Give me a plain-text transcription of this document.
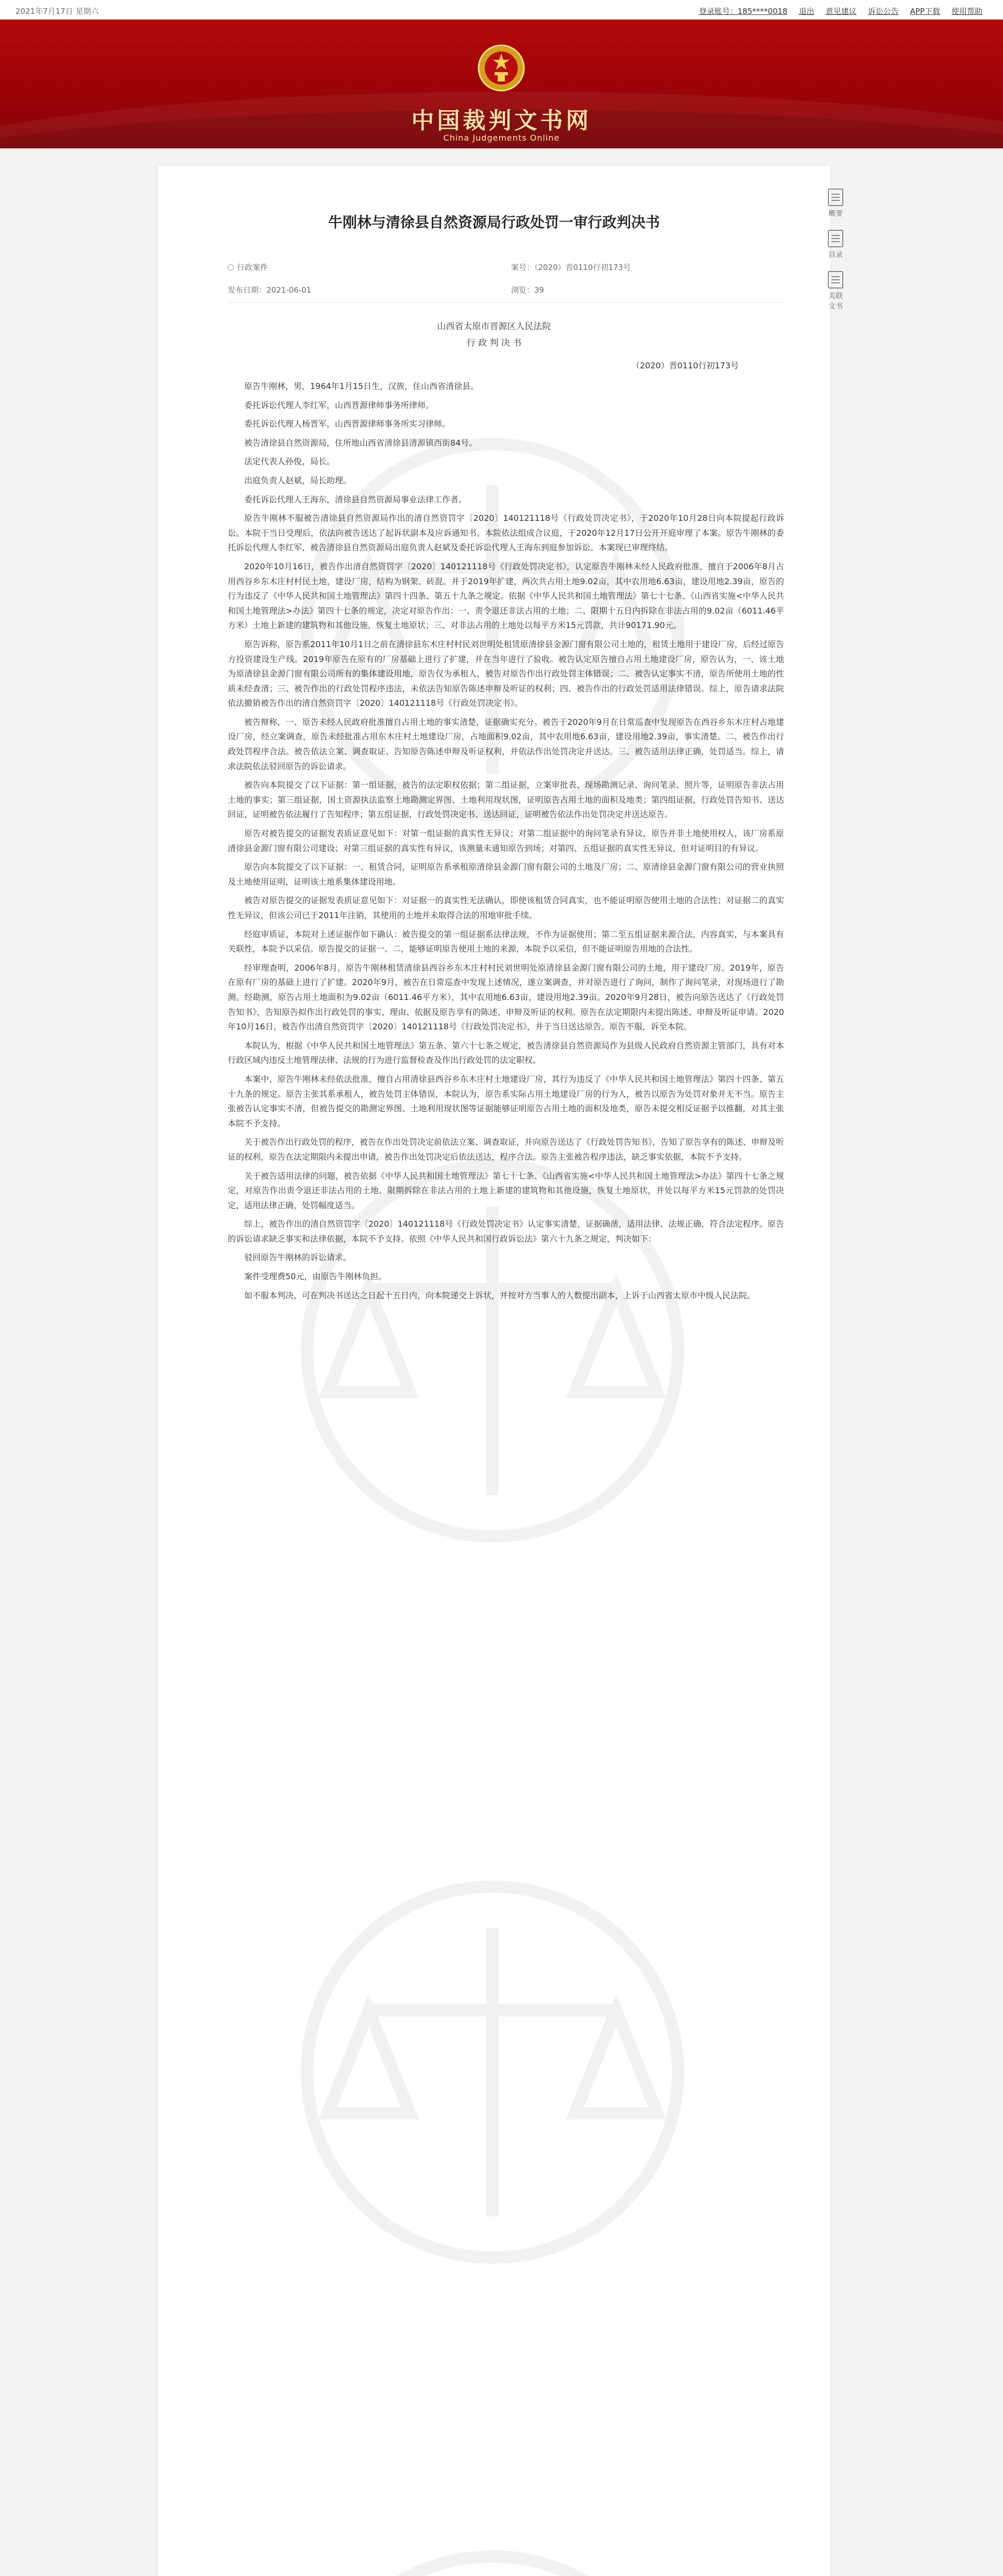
2021年7月17日 星期六	登录账号：185****0018 退出 意见建议 诉讼公告 APP下载 使用帮助
中国裁判文书网
China Judgements Online
牛刚林与清徐县自然资源局行政处罚一审行政判决书
行政案件
发布日期：2021-06-01	浏览：39
案号：（2020）晋0110行初173号
山西省太原市晋源区人民法院
行 政 判 决 书
（2020）晋0110行初173号

原告牛刚林，男，1964年1月15日生，汉族，住山西省清徐县。

委托诉讼代理人李红军，山西晋源律师事务所律师。

委托诉讼代理人杨晋军，山西晋源律师事务所实习律师。

被告清徐县自然资源局，住所地山西省清徐县清源镇西街84号。

法定代表人孙俊，局长。

出庭负责人赵斌，局长助理。

委托诉讼代理人王海东，清徐县自然资源局事业法律工作者。

原告牛刚林不服被告清徐县自然资源局作出的清自然资罚字〔2020〕140121118号《行政处罚决定书》，于2020年10月28日向本院提起行政诉讼。本院于当日受理后，依法向被告送达了起诉状副本及应诉通知书。本院依法组成合议庭，于2020年12月17日公开开庭审理了本案。原告牛刚林的委托诉讼代理人李红军，被告清徐县自然资源局出庭负责人赵斌及委托诉讼代理人王海东到庭参加诉讼。本案现已审理终结。

2020年10月16日，被告作出清自然资罚字〔2020〕140121118号《行政处罚决定书》，认定原告牛刚林未经人民政府批准，擅自于2006年8月占用西谷乡东木庄村村民土地，建设厂房，结构为钢架、砖混。并于2019年扩建，两次共占用土地9.02亩，其中农用地6.63亩，建设用地2.39亩，原告的行为违反了《中华人民共和国土地管理法》第四十四条、第五十九条之规定。依据《中华人民共和国土地管理法》第七十七条、《山西省实施<中华人民共和国土地管理法>办法》第四十七条的规定，决定对原告作出：一、责令退还非法占用的土地；二、限期十五日内拆除在非法占用的9.02亩（6011.46平方米）土地上新建的建筑物和其他设施，恢复土地原状；三、对非法占用的土地处以每平方米15元罚款，共计90171.90元。

原告诉称，原告系2011年10月1日之前在清徐县东木庄村村民刘世明处租赁原清徐县金源门窗有限公司土地的，租赁土地用于建设厂房，后经过原告方投资建设生产线。2019年原告在原有的厂房基础上进行了扩建，并在当年进行了验收。被告认定原告擅自占用土地建设厂房，原告认为，一、该土地为原清徐县金源门窗有限公司所有的集体建设用地，原告仅为承租人，被告对原告作出行政处罚主体错误；二、被告认定事实不清，原告所使用土地的性质未经查清；三、被告作出的行政处罚程序违法，未依法告知原告陈述申辩及听证的权利；四、被告作出的行政处罚适用法律错误。综上，原告请求法院依法撤销被告作出的清自然资罚字〔2020〕140121118号《行政处罚决定书》。

被告辩称，一、原告未经人民政府批准擅自占用土地的事实清楚，证据确实充分。被告于2020年9月在日常巡查中发现原告在西谷乡东木庄村占地建设厂房，经立案调查，原告未经批准占用东木庄村土地建设厂房，占地面积9.02亩，其中农用地6.63亩，建设用地2.39亩，事实清楚。二、被告作出行政处罚程序合法。被告依法立案、调查取证、告知原告陈述申辩及听证权利，并依法作出处罚决定并送达。三、被告适用法律正确，处罚适当。综上，请求法院依法驳回原告的诉讼请求。

被告向本院提交了以下证据：第一组证据，被告的法定职权依据；第二组证据，立案审批表、现场勘测记录、询问笔录、照片等，证明原告非法占用土地的事实；第三组证据，国土资源执法监察土地勘测定界图、土地利用现状图，证明原告占用土地的面积及地类；第四组证据，行政处罚告知书、送达回证，证明被告依法履行了告知程序；第五组证据，行政处罚决定书、送达回证，证明被告依法作出处罚决定并送达原告。

原告对被告提交的证据发表质证意见如下：对第一组证据的真实性无异议；对第二组证据中的询问笔录有异议，原告并非土地使用权人，该厂房系原清徐县金源门窗有限公司建设；对第三组证据的真实性有异议，该测量未通知原告到场；对第四、五组证据的真实性无异议，但对证明目的有异议。

原告向本院提交了以下证据：一、租赁合同，证明原告系承租原清徐县金源门窗有限公司的土地及厂房；二、原清徐县金源门窗有限公司的营业执照及土地使用证明，证明该土地系集体建设用地。

被告对原告提交的证据发表质证意见如下：对证据一的真实性无法确认，即使该租赁合同真实，也不能证明原告使用土地的合法性；对证据二的真实性无异议，但该公司已于2011年注销，其使用的土地并未取得合法的用地审批手续。

经庭审质证，本院对上述证据作如下确认：被告提交的第一组证据系法律法规，不作为证据使用；第二至五组证据来源合法，内容真实，与本案具有关联性，本院予以采信。原告提交的证据一、二，能够证明原告使用土地的来源，本院予以采信，但不能证明原告用地的合法性。

经审理查明，2006年8月，原告牛刚林租赁清徐县西谷乡东木庄村村民刘世明处原清徐县金源门窗有限公司的土地，用于建设厂房。2019年，原告在原有厂房的基础上进行了扩建。2020年9月，被告在日常巡查中发现上述情况，遂立案调查，并对原告进行了询问，制作了询问笔录，对现场进行了勘测。经勘测，原告占用土地面积为9.02亩（6011.46平方米），其中农用地6.63亩，建设用地2.39亩。2020年9月28日，被告向原告送达了《行政处罚告知书》，告知原告拟作出行政处罚的事实、理由、依据及原告享有的陈述、申辩及听证的权利。原告在法定期限内未提出陈述、申辩及听证申请。2020年10月16日，被告作出清自然资罚字〔2020〕140121118号《行政处罚决定书》，并于当日送达原告。原告不服，诉至本院。

本院认为，根据《中华人民共和国土地管理法》第五条、第六十七条之规定，被告清徐县自然资源局作为县级人民政府自然资源主管部门，具有对本行政区域内违反土地管理法律、法规的行为进行监督检查及作出行政处罚的法定职权。

本案中，原告牛刚林未经依法批准，擅自占用清徐县西谷乡东木庄村土地建设厂房，其行为违反了《中华人民共和国土地管理法》第四十四条、第五十九条的规定。原告主张其系承租人，被告处罚主体错误，本院认为，原告系实际占用土地建设厂房的行为人，被告以原告为处罚对象并无不当。原告主张被告认定事实不清，但被告提交的勘测定界图、土地利用现状图等证据能够证明原告占用土地的面积及地类，原告未提交相反证据予以推翻，对其主张本院不予支持。

关于被告作出行政处罚的程序，被告在作出处罚决定前依法立案、调查取证，并向原告送达了《行政处罚告知书》，告知了原告享有的陈述、申辩及听证的权利，原告在法定期限内未提出申请，被告作出处罚决定后依法送达，程序合法。原告主张被告程序违法，缺乏事实依据，本院不予支持。

关于被告适用法律的问题，被告依据《中华人民共和国土地管理法》第七十七条、《山西省实施<中华人民共和国土地管理法>办法》第四十七条之规定，对原告作出责令退还非法占用的土地、限期拆除在非法占用的土地上新建的建筑物和其他设施，恢复土地原状，并处以每平方米15元罚款的处罚决定，适用法律正确，处罚幅度适当。

综上，被告作出的清自然资罚字〔2020〕140121118号《行政处罚决定书》认定事实清楚，证据确凿，适用法律、法规正确，符合法定程序。原告的诉讼请求缺乏事实和法律依据，本院不予支持。依照《中华人民共和国行政诉讼法》第六十九条之规定，判决如下：

驳回原告牛刚林的诉讼请求。

案件受理费50元，由原告牛刚林负担。

如不服本判决，可在判决书送达之日起十五日内，向本院递交上诉状，并按对方当事人的人数提出副本，上诉于山西省太原市中级人民法院。

概要
目录
关联文书
